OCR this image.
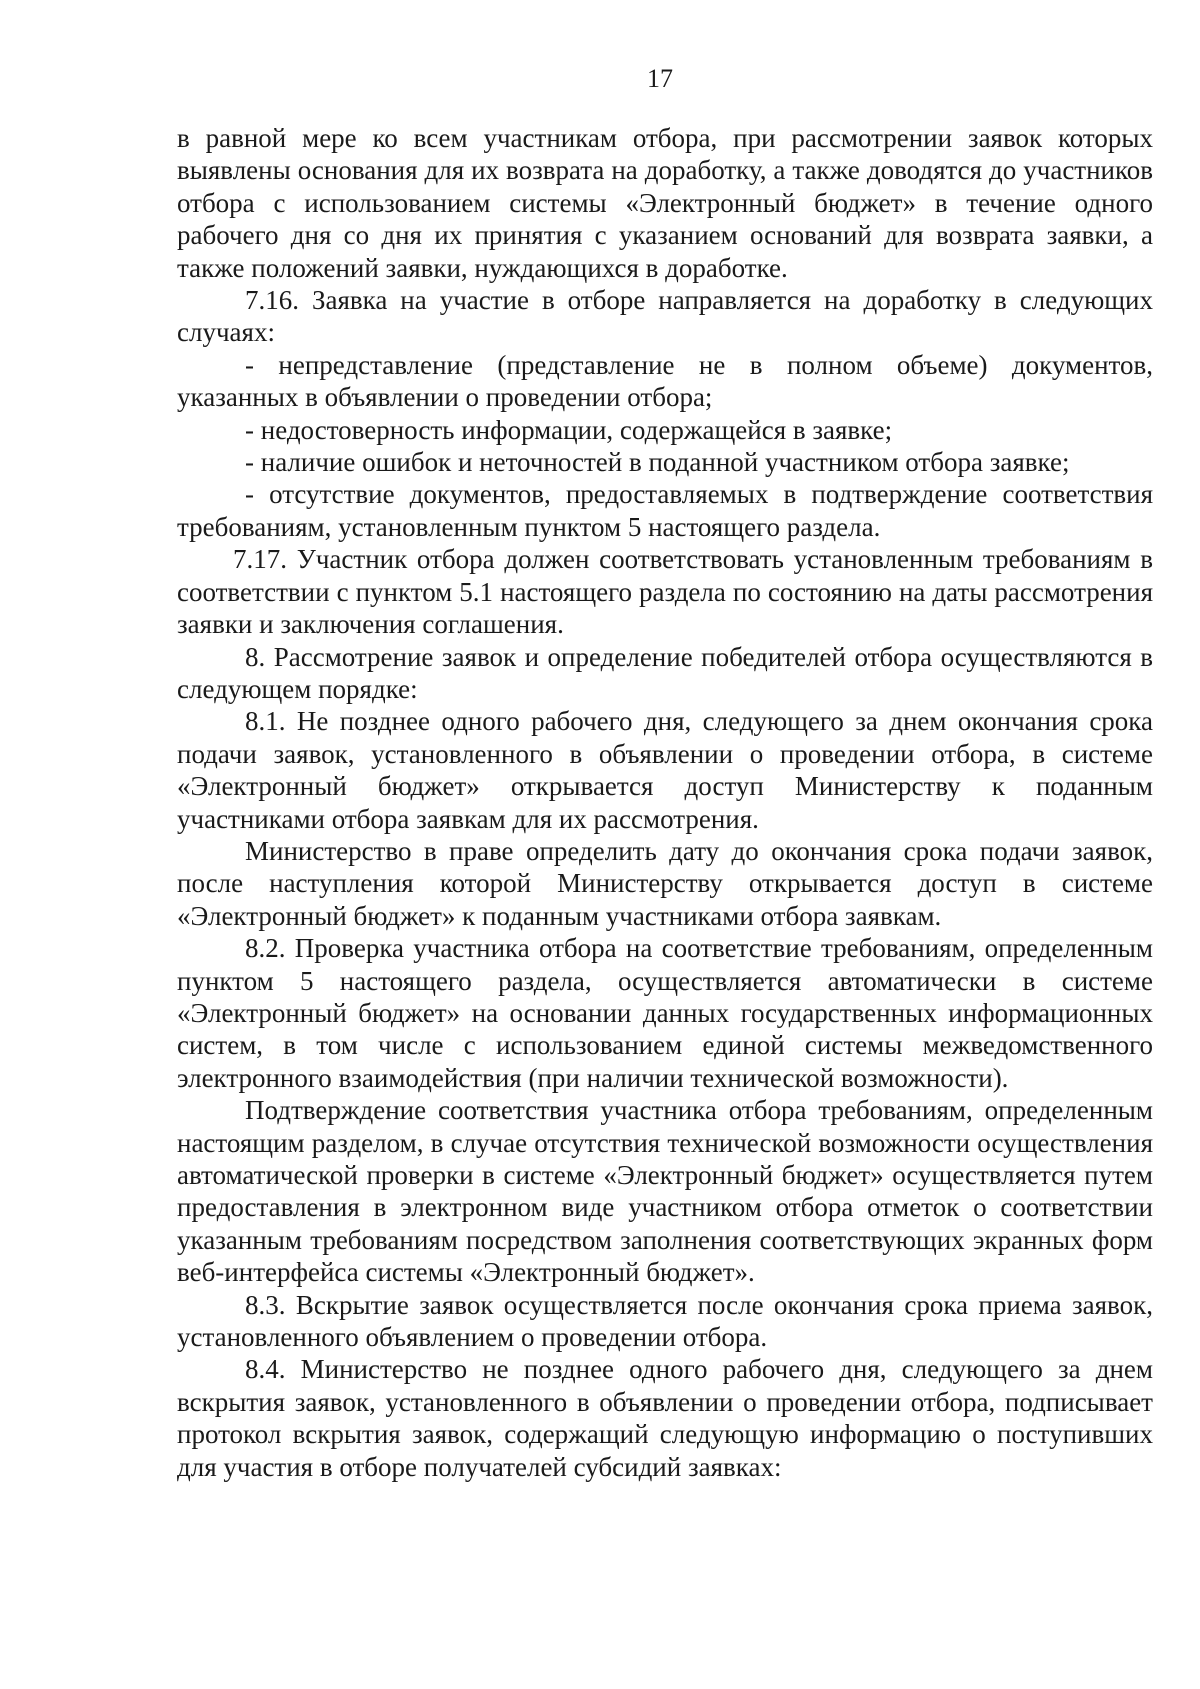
17

в равной мере ко всем участникам отбора, при рассмотрении заявок которых выявлены основания для их возврата на доработку, а также доводятся до участников отбора с использованием системы «Электронный бюджет» в течение одного рабочего дня со дня их принятия с указанием оснований для возврата заявки, а также положений заявки, нуждающихся в доработке.

7.16. Заявка на участие в отборе направляется на доработку в следующих случаях:

- непредставление (представление не в полном объеме) документов, указанных в объявлении о проведении отбора;

- недостоверность информации, содержащейся в заявке;

- наличие ошибок и неточностей в поданной участником отбора заявке;

- отсутствие документов, предоставляемых в подтверждение соответствия требованиям, установленным пунктом 5 настоящего раздела.

7.17. Участник отбора должен соответствовать установленным требованиям в соответствии с пунктом 5.1 настоящего раздела по состоянию на даты рассмотрения заявки и заключения соглашения.

8. Рассмотрение заявок и определение победителей отбора осуществляются в следующем порядке:

8.1. Не позднее одного рабочего дня, следующего за днем окончания срока подачи заявок, установленного в объявлении о проведении отбора, в системе «Электронный бюджет» открывается доступ Министерству к поданным участниками отбора заявкам для их рассмотрения.

Министерство в праве определить дату до окончания срока подачи заявок, после наступления которой Министерству открывается доступ в системе «Электронный бюджет» к поданным участниками отбора заявкам.

8.2. Проверка участника отбора на соответствие требованиям, определенным пунктом 5 настоящего раздела, осуществляется автоматически в системе «Электронный бюджет» на основании данных государственных информационных систем, в том числе с использованием единой системы межведомственного электронного взаимодействия (при наличии технической возможности).

Подтверждение соответствия участника отбора требованиям, определенным настоящим разделом, в случае отсутствия технической возможности осуществления автоматической проверки в системе «Электронный бюджет» осуществляется путем предоставления в электронном виде участником отбора отметок о соответствии указанным требованиям посредством заполнения соответствующих экранных форм веб-интерфейса системы «Электронный бюджет».

8.3. Вскрытие заявок осуществляется после окончания срока приема заявок, установленного объявлением о проведении отбора.

8.4. Министерство не позднее одного рабочего дня, следующего за днем вскрытия заявок, установленного в объявлении о проведении отбора, подписывает протокол вскрытия заявок, содержащий следующую информацию о поступивших для участия в отборе получателей субсидий заявках:
